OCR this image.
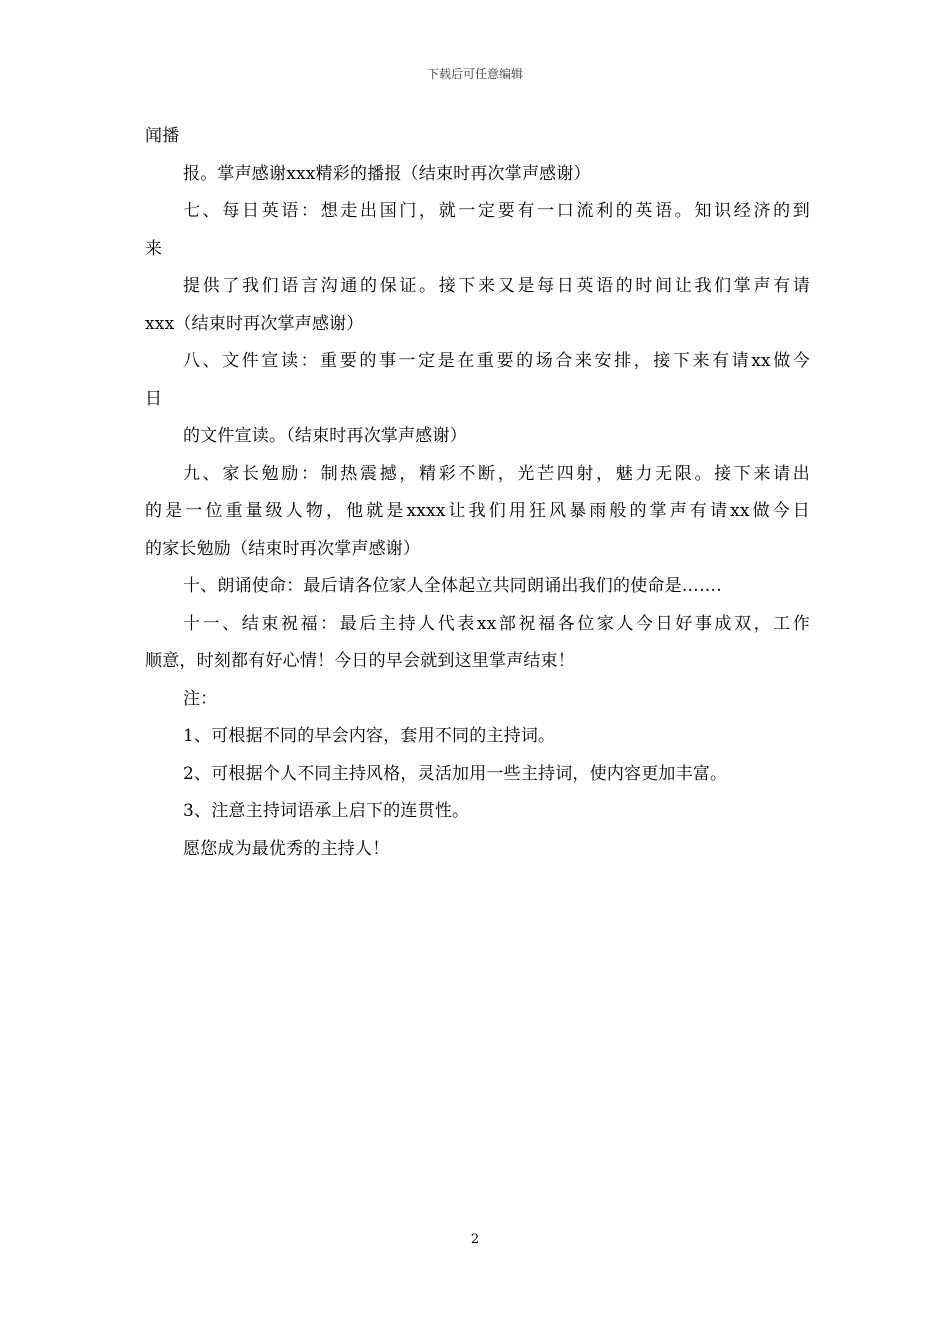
下载后可任意编辑
闻播
报。掌声感谢xxx精彩的播报（结束时再次掌声感谢）
七、每日英语：想走出国门，就一定要有一口流利的英语。知识经济的到
来
提供了我们语言沟通的保证。接下来又是每日英语的时间让我们掌声有请
xxx（结束时再次掌声感谢）
八、文件宣读：重要的事一定是在重要的场合来安排，接下来有请xx做今
日
的文件宣读。（结束时再次掌声感谢）
九、家长勉励：制热震撼，精彩不断，光芒四射，魅力无限。接下来请出
的是一位重量级人物，他就是xxxx让我们用狂风暴雨般的掌声有请xx做今日
的家长勉励（结束时再次掌声感谢）
十、朗诵使命：最后请各位家人全体起立共同朗诵出我们的使命是…….
十一、结束祝福：最后主持人代表xx部祝福各位家人今日好事成双，工作
顺意，时刻都有好心情！今日的早会就到这里掌声结束！
注：
1、可根据不同的早会内容，套用不同的主持词。
2、可根据个人不同主持风格，灵活加用一些主持词，使内容更加丰富。
3、注意主持词语承上启下的连贯性。
愿您成为最优秀的主持人！
2
